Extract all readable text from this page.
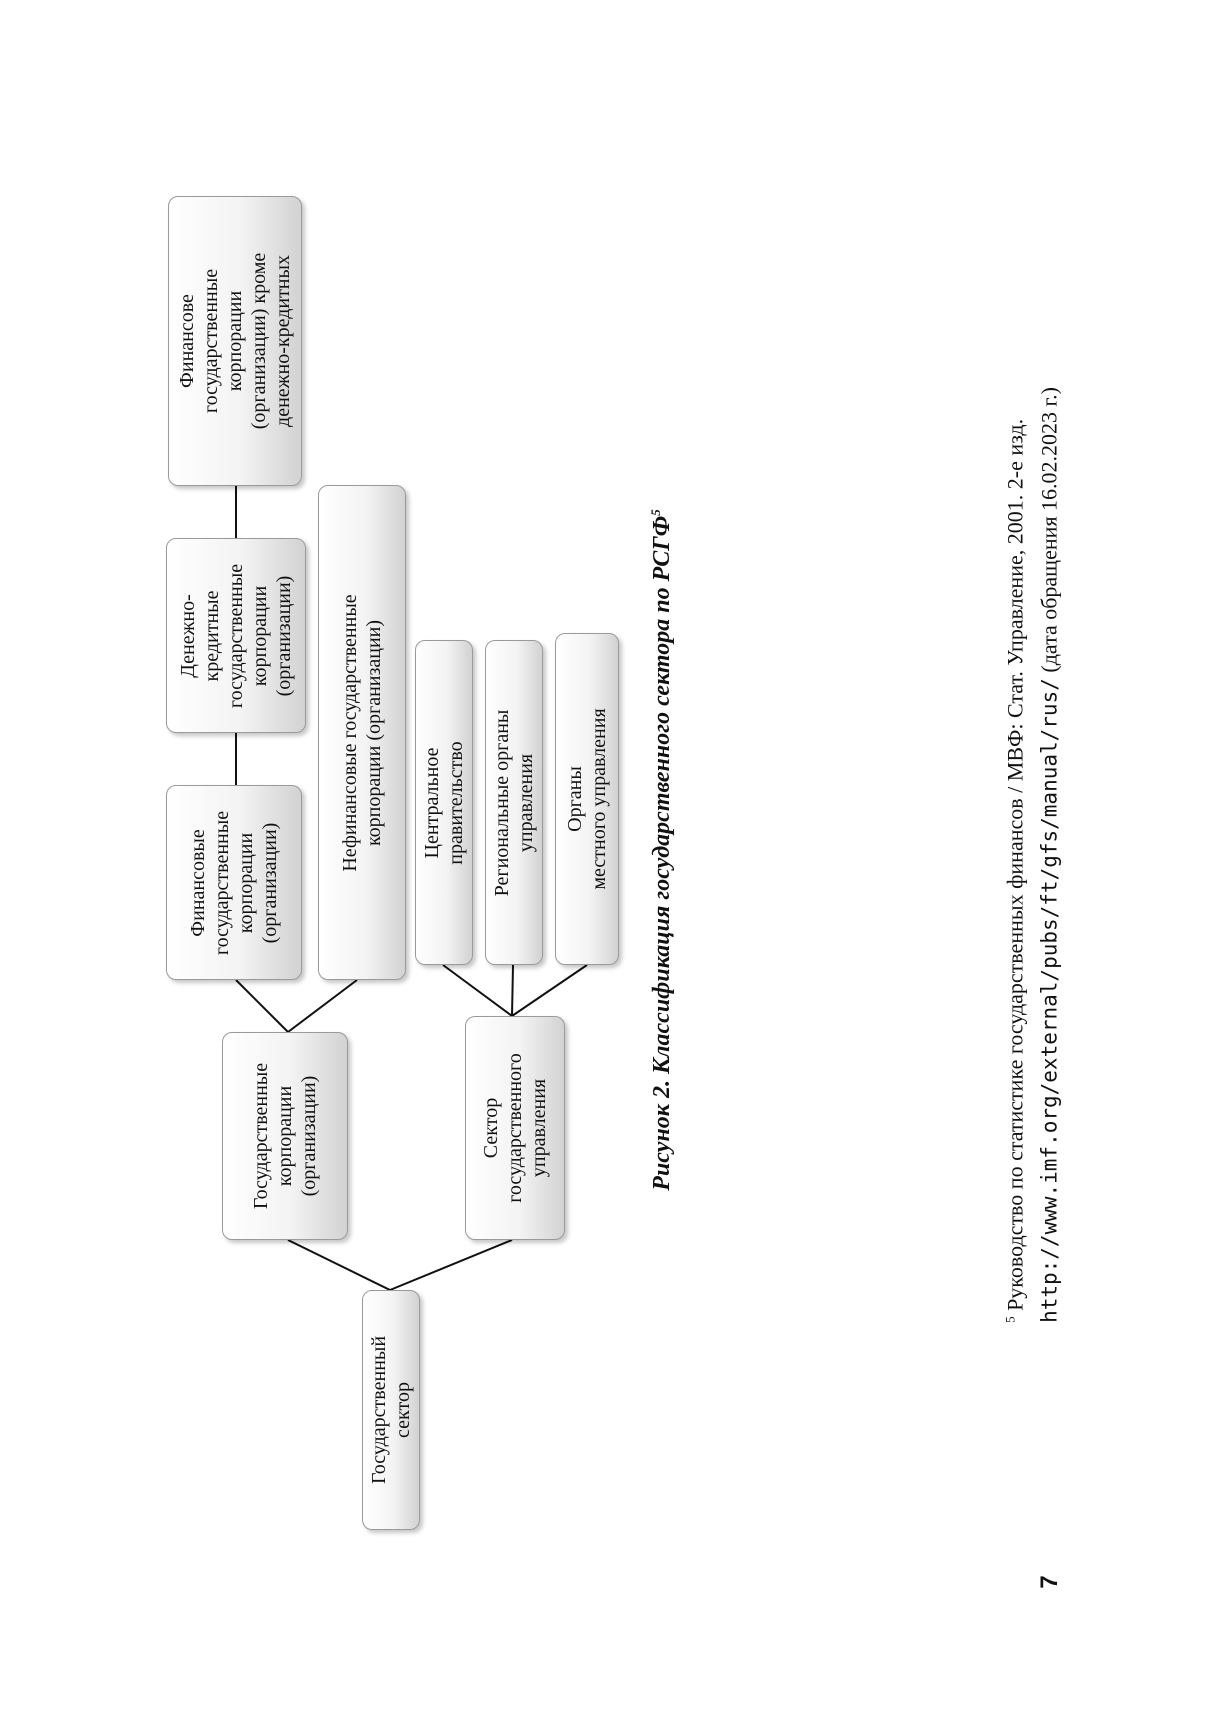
Государственный сектор
Государственные корпорации (организации)	Сектор государственного управления
Финансовые государственные корпорации (организации)
Нефинансовые государственные корпорации (организации)
Денежно- кредитные государственные корпорации (организации)
Финансове государственные корпорации (организации) кроме денежно-кредитных
Центральное правительство Региональные органы управления Органы местного управления Рисунок 2. Классификация государственного сектора по РСГФ$^5$
$^5$ Руководство по статистике государственных финансов / МВФ: Стат. Управление, 2001. 2-е изд. http://www.imf.org/external/pubs/ft/gfs/manual/rus/ (дата обращения 16.02.2023 г.)
7
